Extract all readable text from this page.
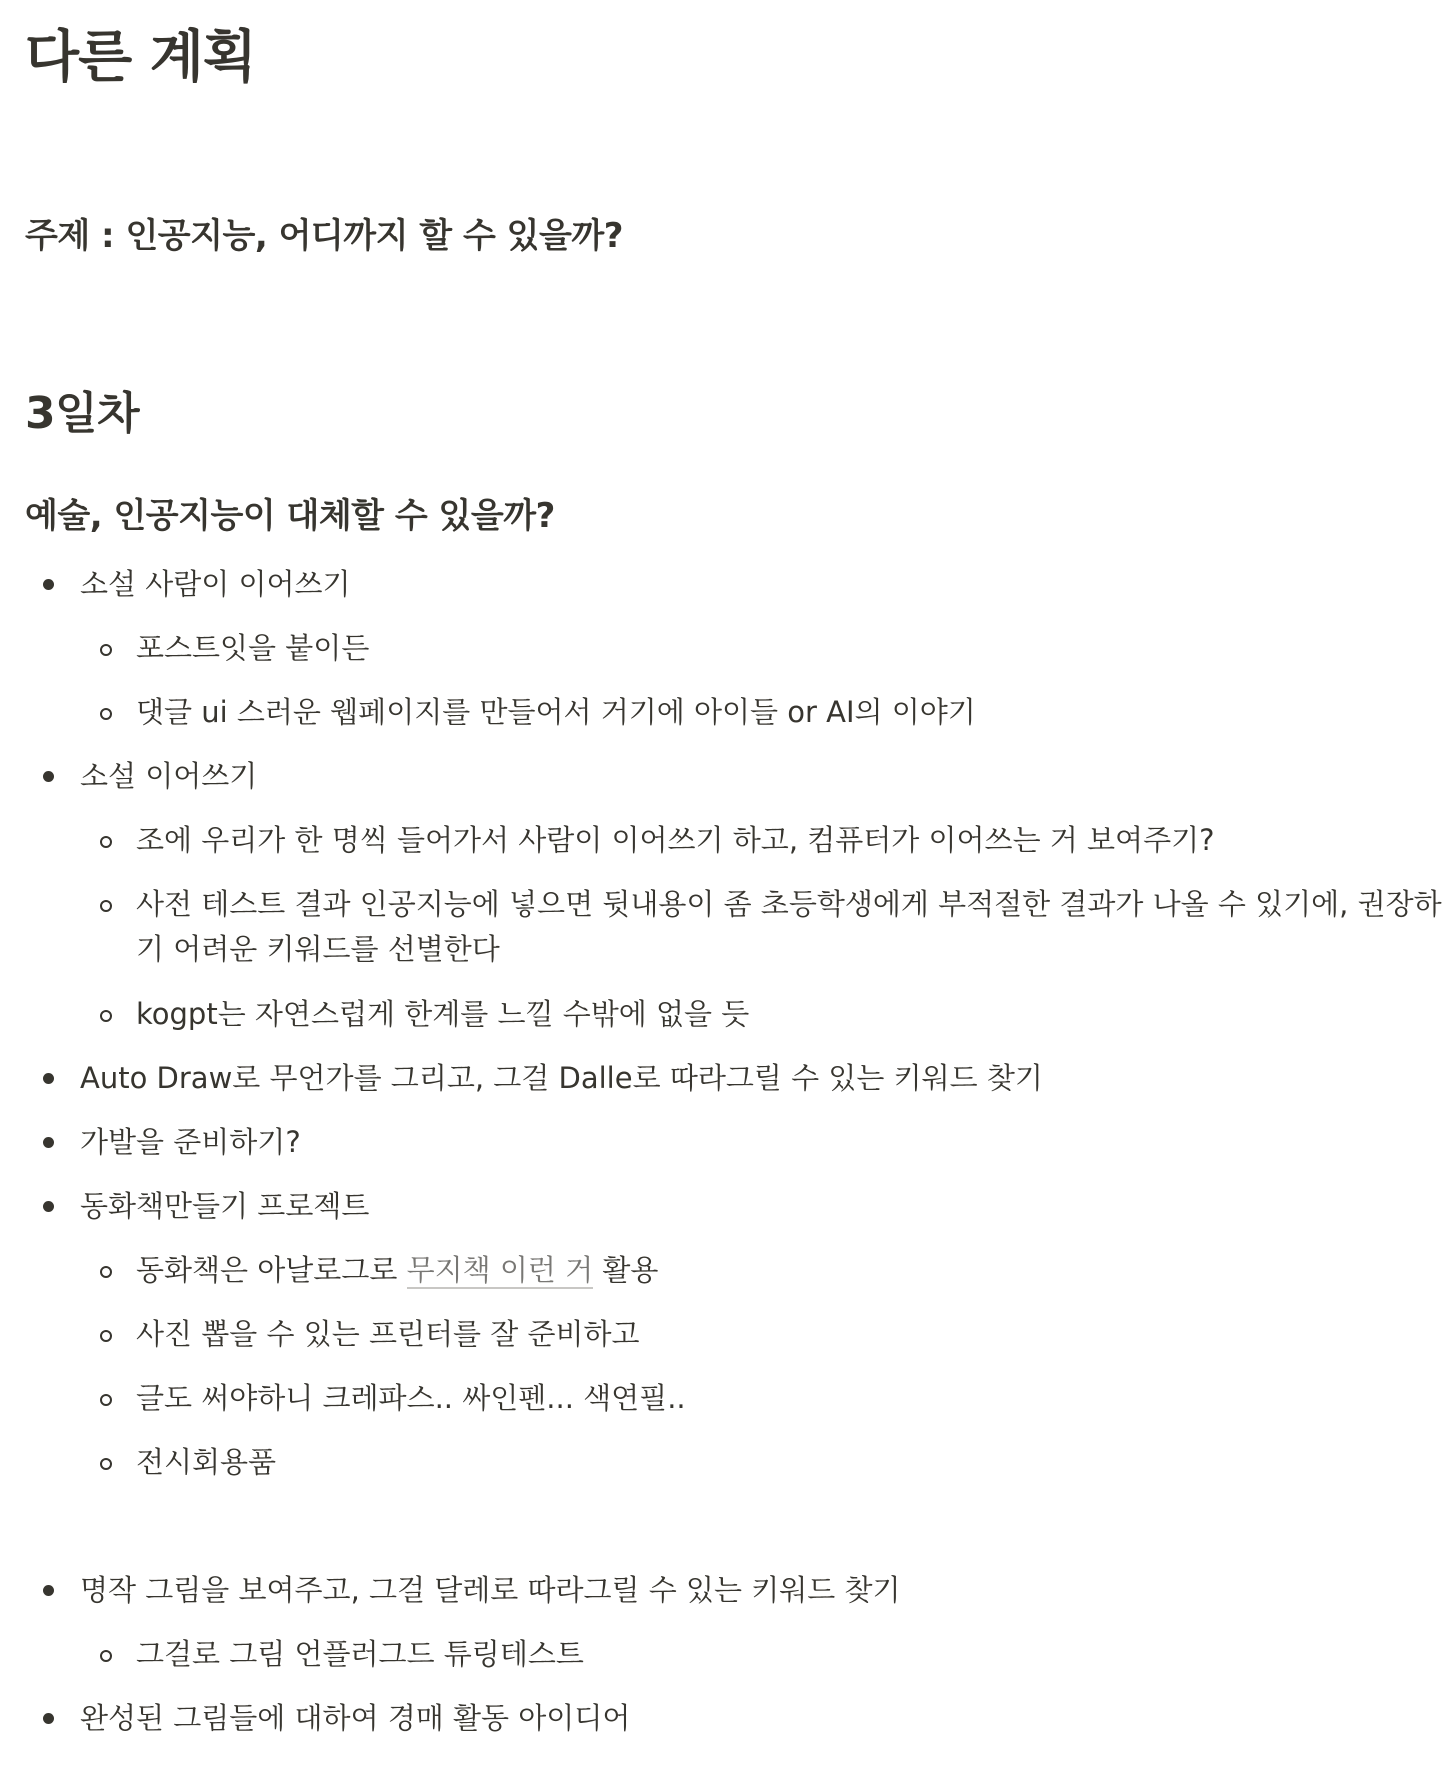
다른 계획
주제 : 인공지능, 어디까지 할 수 있을까?
3일차
예술, 인공지능이 대체할 수 있을까?
소설 사람이 이어쓰기
포스트잇을 붙이든
댓글 ui 스러운 웹페이지를 만들어서 거기에 아이들 or AI의 이야기
소설 이어쓰기
조에 우리가 한 명씩 들어가서 사람이 이어쓰기 하고, 컴퓨터가 이어쓰는 거 보여주기?
사전 테스트 결과 인공지능에 넣으면 뒷내용이 좀 초등학생에게 부적절한 결과가 나올 수 있기에, 권장하
기 어려운 키워드를 선별한다
kogpt는 자연스럽게 한계를 느낄 수밖에 없을 듯
Auto Draw로 무언가를 그리고, 그걸 Dalle로 따라그릴 수 있는 키워드 찾기
가발을 준비하기?
동화책만들기 프로젝트
동화책은 아날로그로 무지책 이런 거 활용
사진 뽑을 수 있는 프린터를 잘 준비하고
글도 써야하니 크레파스.. 싸인펜... 색연필..
전시회용품
명작 그림을 보여주고, 그걸 달레로 따라그릴 수 있는 키워드 찾기
그걸로 그림 언플러그드 튜링테스트
완성된 그림들에 대하여 경매 활동 아이디어
